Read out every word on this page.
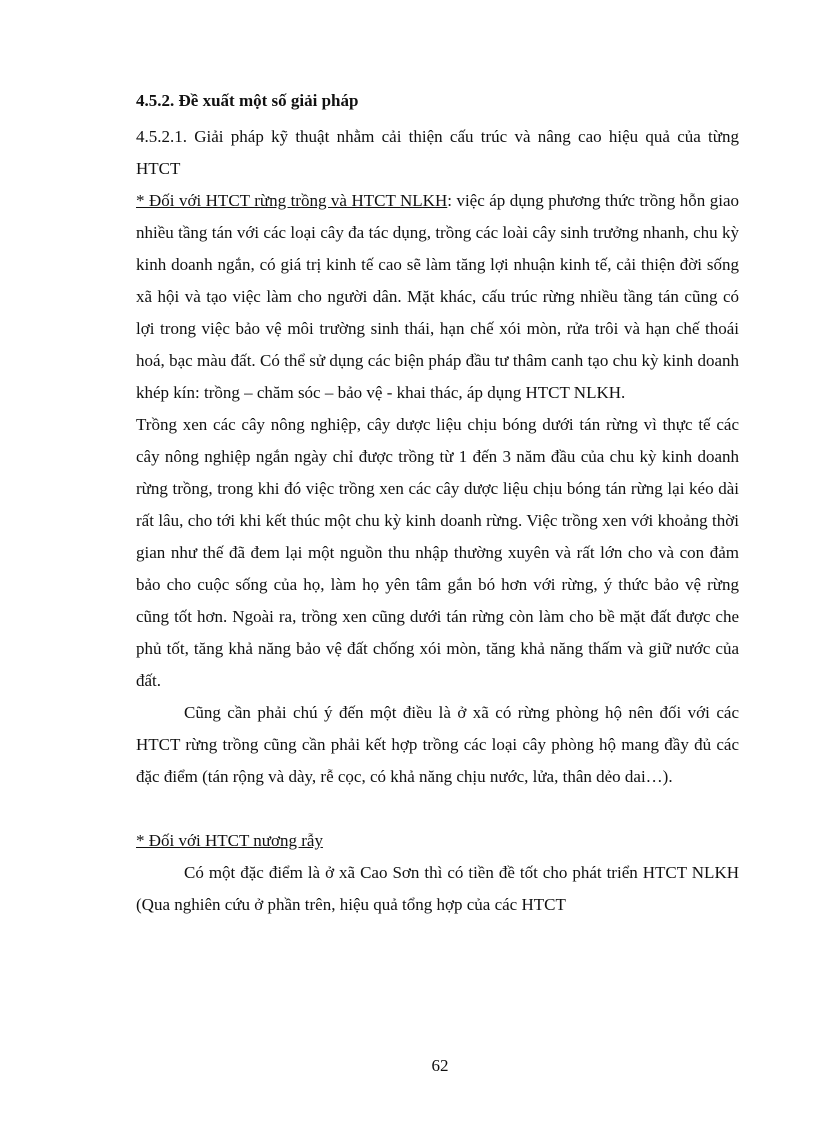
4.5.2. Đề xuất một số giải pháp

4.5.2.1. Giải pháp kỹ thuật nhằm cải thiện cấu trúc và nâng cao hiệu quả của từng HTCT

* Đối với HTCT rừng trồng và HTCT NLKH: việc áp dụng phương thức trồng hỗn giao nhiều tầng tán với các loại cây đa tác dụng, trồng các loài cây sinh trưởng nhanh, chu kỳ kinh doanh ngắn, có giá trị kinh tế cao sẽ làm tăng lợi nhuận kinh tế, cải thiện đời sống xã hội và tạo việc làm cho người dân. Mặt khác, cấu trúc rừng nhiều tầng tán cũng có lợi trong việc bảo vệ môi trường sinh thái, hạn chế xói mòn, rửa trôi và hạn chế thoái hoá, bạc màu đất. Có thể sử dụng các biện pháp đầu tư thâm canh tạo chu kỳ kinh doanh khép kín: trồng – chăm sóc – bảo vệ - khai thác, áp dụng HTCT NLKH.

Trồng xen các cây nông nghiệp, cây dược liệu chịu bóng dưới tán rừng vì thực tế các cây nông nghiệp ngắn ngày chỉ được trồng từ 1 đến 3 năm đầu của chu kỳ kinh doanh rừng trồng, trong khi đó việc trồng xen các cây dược liệu chịu bóng tán rừng lại kéo dài rất lâu, cho tới khi kết thúc một chu kỳ kinh doanh rừng. Việc trồng xen với khoảng thời gian như thế đã đem lại một nguồn thu nhập thường xuyên và rất lớn cho và con đảm bảo cho cuộc sống của họ, làm họ yên tâm gắn bó hơn với rừng, ý thức bảo vệ rừng cũng tốt hơn. Ngoài ra, trồng xen cũng dưới tán rừng còn làm cho bề mặt đất được che phủ tốt, tăng khả năng bảo vệ đất chống xói mòn, tăng khả năng thấm và giữ nước của đất.

Cũng cần phải chú ý đến một điều là ở xã có rừng phòng hộ nên đối với các HTCT rừng trồng cũng cần phải kết hợp trồng các loại cây phòng hộ mang đầy đủ các đặc điểm (tán rộng và dày, rễ cọc, có khả năng chịu nước, lửa, thân dẻo dai…).

* Đối với HTCT nương rẫy

Có một đặc điểm là ở xã Cao Sơn thì có tiền đề tốt cho phát triển HTCT NLKH (Qua nghiên cứu ở phần trên, hiệu quả tổng hợp của các HTCT

62
